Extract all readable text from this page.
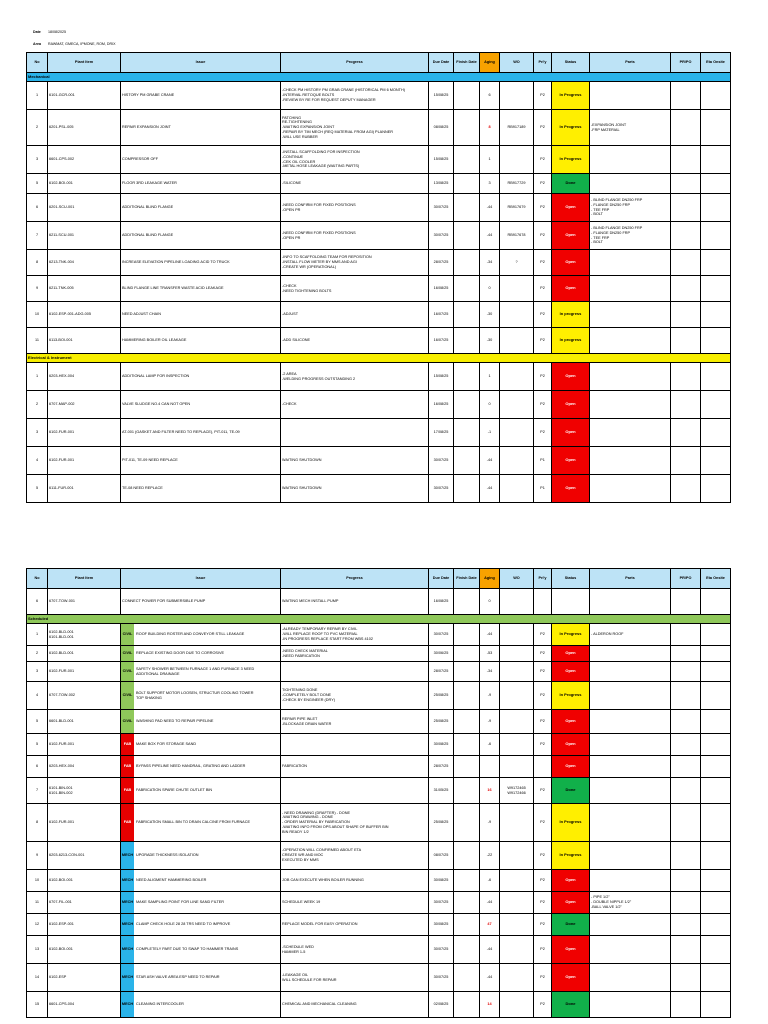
Date 18/08/2025
Area RAWMAT, GMECA, IPMONE, ROM, DRIX
No	Plant Item	Issue	Progress	Due Date	Finish Date	Aging	WO	Pri'y	Status	Parts	PR/PO	Eta Onsite
Mechanical												
1	6101-GCR-001	HISTORY PM GRABE CRANE	-CHECK PM HISTORY PM GRAB CRANE (HISTORICAL PM 6 MONTH)
-INTERVAL RETOQUE BOLTS
-REVIEW BY RE FOR REQUEST DEPUTY MANAGER	15/08/25		6		P2	In Progress			
2	6201-PSL-005	REPAIR EXPANSION JOINT	PATCHING
RE-TIGHTENING
-WAITING EXPANSION JOINT
-REPAIR BY TIM MECH (REQ MATERIAL FROM AGI) PLANNER
-WILL USE RUBBER	08/08/25		8	RB917189	P2	In Progress	-EXPANSION JOINT
-FRP MATERIAL		

3	6601-CPS-002	COMPRESSOR OFF	-INSTALL SCAFFOLDING FOR INSPECTION
-CONTINUE
-CEK OIL COOLER
-METAL HOSE LEAKAGE (WAITING PARTS)	15/08/25		1		P2	In Progress			
5	6102-BOI-001	FLOOR 3RD LEAKAGE WATER	-SILICONE	13/08/25		3	RB917729	P2	Done			
6	6201-SCU-001	ADDITIONAL BLIND FLANGE	-NEED CONFIRM FOR FIXED POSITIONS
-OPEN PR	30/07/25		-44	RB917679	P2	Open	- BLIND FLANGE DN250 FRP
- FLANGE DN250 FRP
- TEE FRP
- BOLT		

7	6211-SCU-001	ADDITIONAL BLIND FLANGE	-NEED CONFIRM FOR FIXED POSITIONS
-OPEN PR	30/07/25		-44	RB917678	P2	Open	- BLIND FLANGE DN250 FRP
- FLANGE DN250 FRP
- TEE FRP
- BOLT		

8	6213-TNK-004	INCREASE ELEVATION PIPELINE LOADING ACID TO TRUCK	-INFO TO SCAFFOLDING TEAM FOR REPOSITION
-INSTALL FLOW METER BY MMS AND AGI
-CREATE WR (OPERATIONAL)	28/07/25		-34	?	P2	Open			
9	6211-TNK-005	BLIND FLANGE LINE TRANSFER WASTE ACID LEAKAGE	-CHECK
-NEED TIGHTENING BOLTS	16/08/25		0		P2	Open			
10	6102-ESP-001-ADG-005	NEED ADJUST CHAIN	-ADJUST	16/07/25		-30		P2	In progress			
11	6113-BOI-001	HAMMERING BOILER OIL LEAKAGE	-ADD SILICONE	16/07/25		-30		P2	In progress			
Electrical & Instrument												
1	6203-HEX-004	ADDITIONAL LAMP FOR INSPECTION	-2 AREA
-WELDING PROGRESS OUTSTANDING 2	15/08/25		1		P2	Open			
2	6707-MAP-002	VALVE SLUDGE NO.4 CAN NOT OPEN	-CHECK	16/08/25		0		P2	Open			
3	6102-FUR-001	AT-001 (GASKET AND FILTER NEED TO REPLACE), PIT-011, TE-09		17/08/25		-1		P2	Open			
4	6102-FUR-001	PIT-011, TE-09 NEED REPLACE	WAITING SHUTDOWN	30/07/25		-44		P1	Open			
5	6111-FUR-001	TE-08 NEED REPLACE	WAITING SHUTDOWN	30/07/25		-44		P1	Open			
No	Plant Item	Issue	Progress	Due Date	Finish Date	Aging	WO	Pri'y	Status	Parts	PR/PO	Eta Onsite
6	6707-TOW-001	CONNECT POWER FOR SUBMERSIBLE PUMP	WAITING MECH INSTALL PUMP	16/08/25		0						
Scheduled												
1	6102-BLD-001
6101-BLD-001	CIVIL ROOF BUILDING ROSTER AND CONVEYOR STILL LEAKAGE	-ALREADY TEMPORARY REPAIR BY CIVIL
-WILL REPLACE ROOF TO PVC MATERIAL
-IN PROGRESS REPLACE START FROM WBS 4102	30/07/25		-44		P2	In Progress	- ALDERON ROOF		

2	6102-BLD-001	CIVIL REPLACE EXISTING DOOR DUE TO CORROSIVE	-NEED CHECK MATERIAL
-NEED FABRICATION	30/06/25		-53		P2	Open			
3	6102-FUR-001	CIVIL
SAFETY SHOWER BETWEEN FURNACE 1 AND FURNACE 3 NEED
ADDITIONAL DRAINAGE		28/07/25		-34		P2	Open			
4	6707-TOW-002	CIVIL
BOLT SUPPORT MOTOR LOOSEN, STRUCTUR COOLING TOWER
TOP SHAKING	TIGHTENING DONE
-COMPLETELY BOLT DONE
-CHECK BY ENGINEER (DRY)	25/08/25		-9		P2	In Progress			
5	6601-BLD-001	CIVIL WASHING PAD NEED TO REPAIR PIPELINE	REPAIR PIPE INLET
-BLOCKAGE DRAIN WATER	25/08/25		-9		P2	Open			
5	6102-FUR-001	FAB MAKE BOX FOR STORAGE SAND		30/08/25		-6		P2	Open			
6	6203-HEX-004	FAB BYPASS PIPELINE NEED HANDRAIL, GRATING AND LADDER	FABRICATION	28/07/25					Open			
7	6101-BIN-001
6101-BIN-002	FAB FABRICATION SPARE CHUTE OUTLET BIN		31/05/25		16	W9172465
W9172466	P2	Done			
8	6102-FUR-001	FAB FABRICATION SMALL BIN TO DRAIN CALCINE FROM FURNACE	- NEED DRAWING (DRAFTER) - DONE
-WAITING DRAWING - DONE
- ORDER MATERIAL BY FABRICATION
-WAITING INFO FROM OPS ABOUT SHAPE OF BUFFER BIN
BIN READY 1/2	25/08/25		-9		P2	In Progress			
9	6203-6213-CON-001	MECH UPGRADE THICKNESS ISOLATION	-OPERATION WILL CONFIRMED ABOUT ETA
CREATE WR AND MOC
EXECUTED BY MMS	08/07/25		-22		P2	In Progress			
10	6102-BOI-001	MECH NEED ALIGMENT HAMMERING BOILER	JOB CAN EXECUTE WHEN BOILER RUNNING	30/08/25		-6		P2	Open			
11	6707-FIL-001	MECH MAKE SAMPLING POINT FOR LINE SAND FILTER	SCHEDULE WEEK 19	30/07/25		-44		P2	Open	- PIPE 1/2"
- DOUBLE NIPPLE 1/2"
-BALL VALVE 1/2"		

12	6102-ESP-001	MECH CLAMP CHECK HOLE 28 28 TRS NEED TO IMPROVE	REPLACE MODEL FOR EASY OPERATION	30/08/25		47		P2	Done			
13	6102-BOI-001	MECH COMPLETELY PART DUE TO SWAP TO HAMMER TRAINS	-SCHEDULE WED
HAMMER 1-5	30/07/25		-44		P2	Open			
14	6102-ESP	MECH STAR ASH VALVE AREA ESP NEED TO REPAIR	-LEAKAGE OIL
WILL SCHEDULE FOR REPAIR	30/07/25		-44		P2	Open			
15	6601-CPS-004	MECH CLEANING INTERCOOLER	CHEMICAL AND MECHANICAL CLEANING	02/08/25		14		P2	Done			
